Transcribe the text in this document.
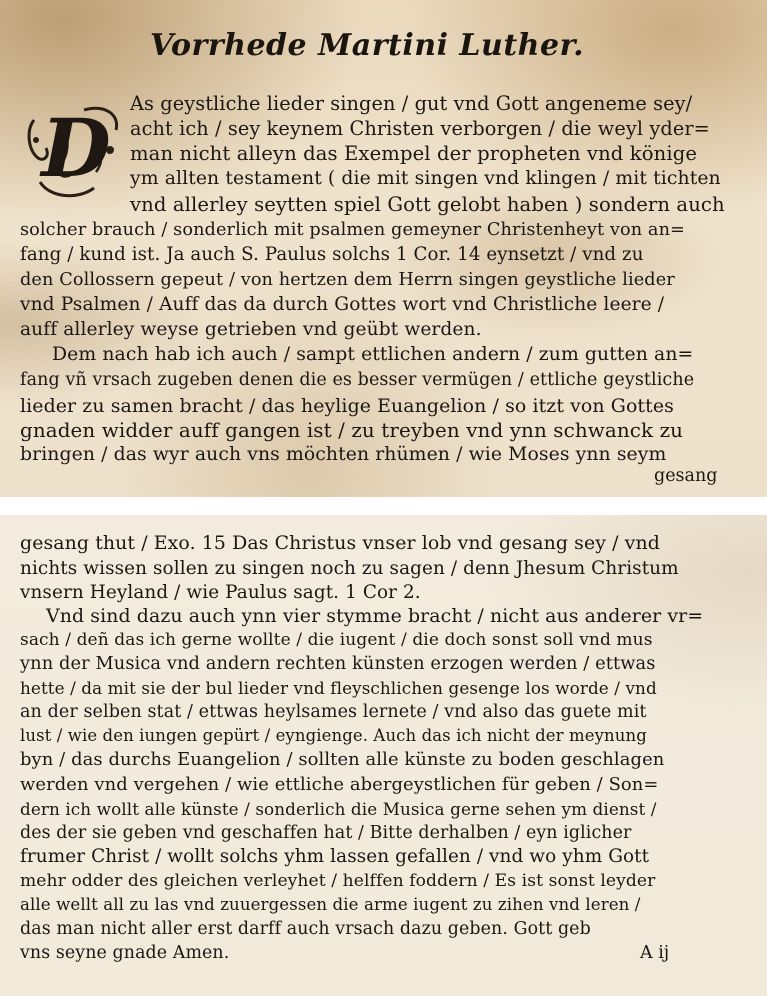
Vorrhede Martini Luther.
D As geystliche lieder singen / gut vnd Gott angeneme sey/
acht ich / sey keynem Christen verborgen / die weyl yder=
man nicht alleyn das Exempel der propheten vnd könige
ym allten testament ( die mit singen vnd klingen / mit tichten
vnd allerley seytten spiel Gott gelobt haben ) sondern auch
solcher brauch / sonderlich mit psalmen gemeyner Christenheyt von an=
fang / kund ist. Ja auch S. Paulus solchs 1 Cor. 14 eynsetzt / vnd zu
den Collossern gepeut / von hertzen dem Herrn singen geystliche lieder
vnd Psalmen / Auff das da durch Gottes wort vnd Christliche leere /
auff allerley weyse getrieben vnd geübt werden.
Dem nach hab ich auch / sampt ettlichen andern / zum gutten an=
fang vñ vrsach zugeben denen die es besser vermügen / ettliche geystliche
lieder zu samen bracht / das heylige Euangelion / so itzt von Gottes
gnaden widder auff gangen ist / zu treyben vnd ynn schwanck zu
bringen / das wyr auch vns möchten rhümen / wie Moses ynn seym
gesang
gesang thut / Exo. 15 Das Christus vnser lob vnd gesang sey / vnd
nichts wissen sollen zu singen noch zu sagen / denn Jhesum Christum
vnsern Heyland / wie Paulus sagt. 1 Cor 2.
Vnd sind dazu auch ynn vier stymme bracht / nicht aus anderer vr=
sach / deñ das ich gerne wollte / die iugent / die doch sonst soll vnd mus
ynn der Musica vnd andern rechten künsten erzogen werden / ettwas
hette / da mit sie der bul lieder vnd fleyschlichen gesenge los worde / vnd
an der selben stat / ettwas heylsames lernete / vnd also das guete mit
lust / wie den iungen gepürt / eyngienge. Auch das ich nicht der meynung
byn / das durchs Euangelion / sollten alle künste zu boden geschlagen
werden vnd vergehen / wie ettliche abergeystlichen für geben / Son=
dern ich wollt alle künste / sonderlich die Musica gerne sehen ym dienst /
des der sie geben vnd geschaffen hat / Bitte derhalben / eyn iglicher
frumer Christ / wollt solchs yhm lassen gefallen / vnd wo yhm Gott
mehr odder des gleichen verleyhet / helffen foddern / Es ist sonst leyder
alle wellt all zu las vnd zuuergessen die arme iugent zu zihen vnd leren /
das man nicht aller erst darff auch vrsach dazu geben. Gott geb
vns seyne gnade Amen.	A ij
